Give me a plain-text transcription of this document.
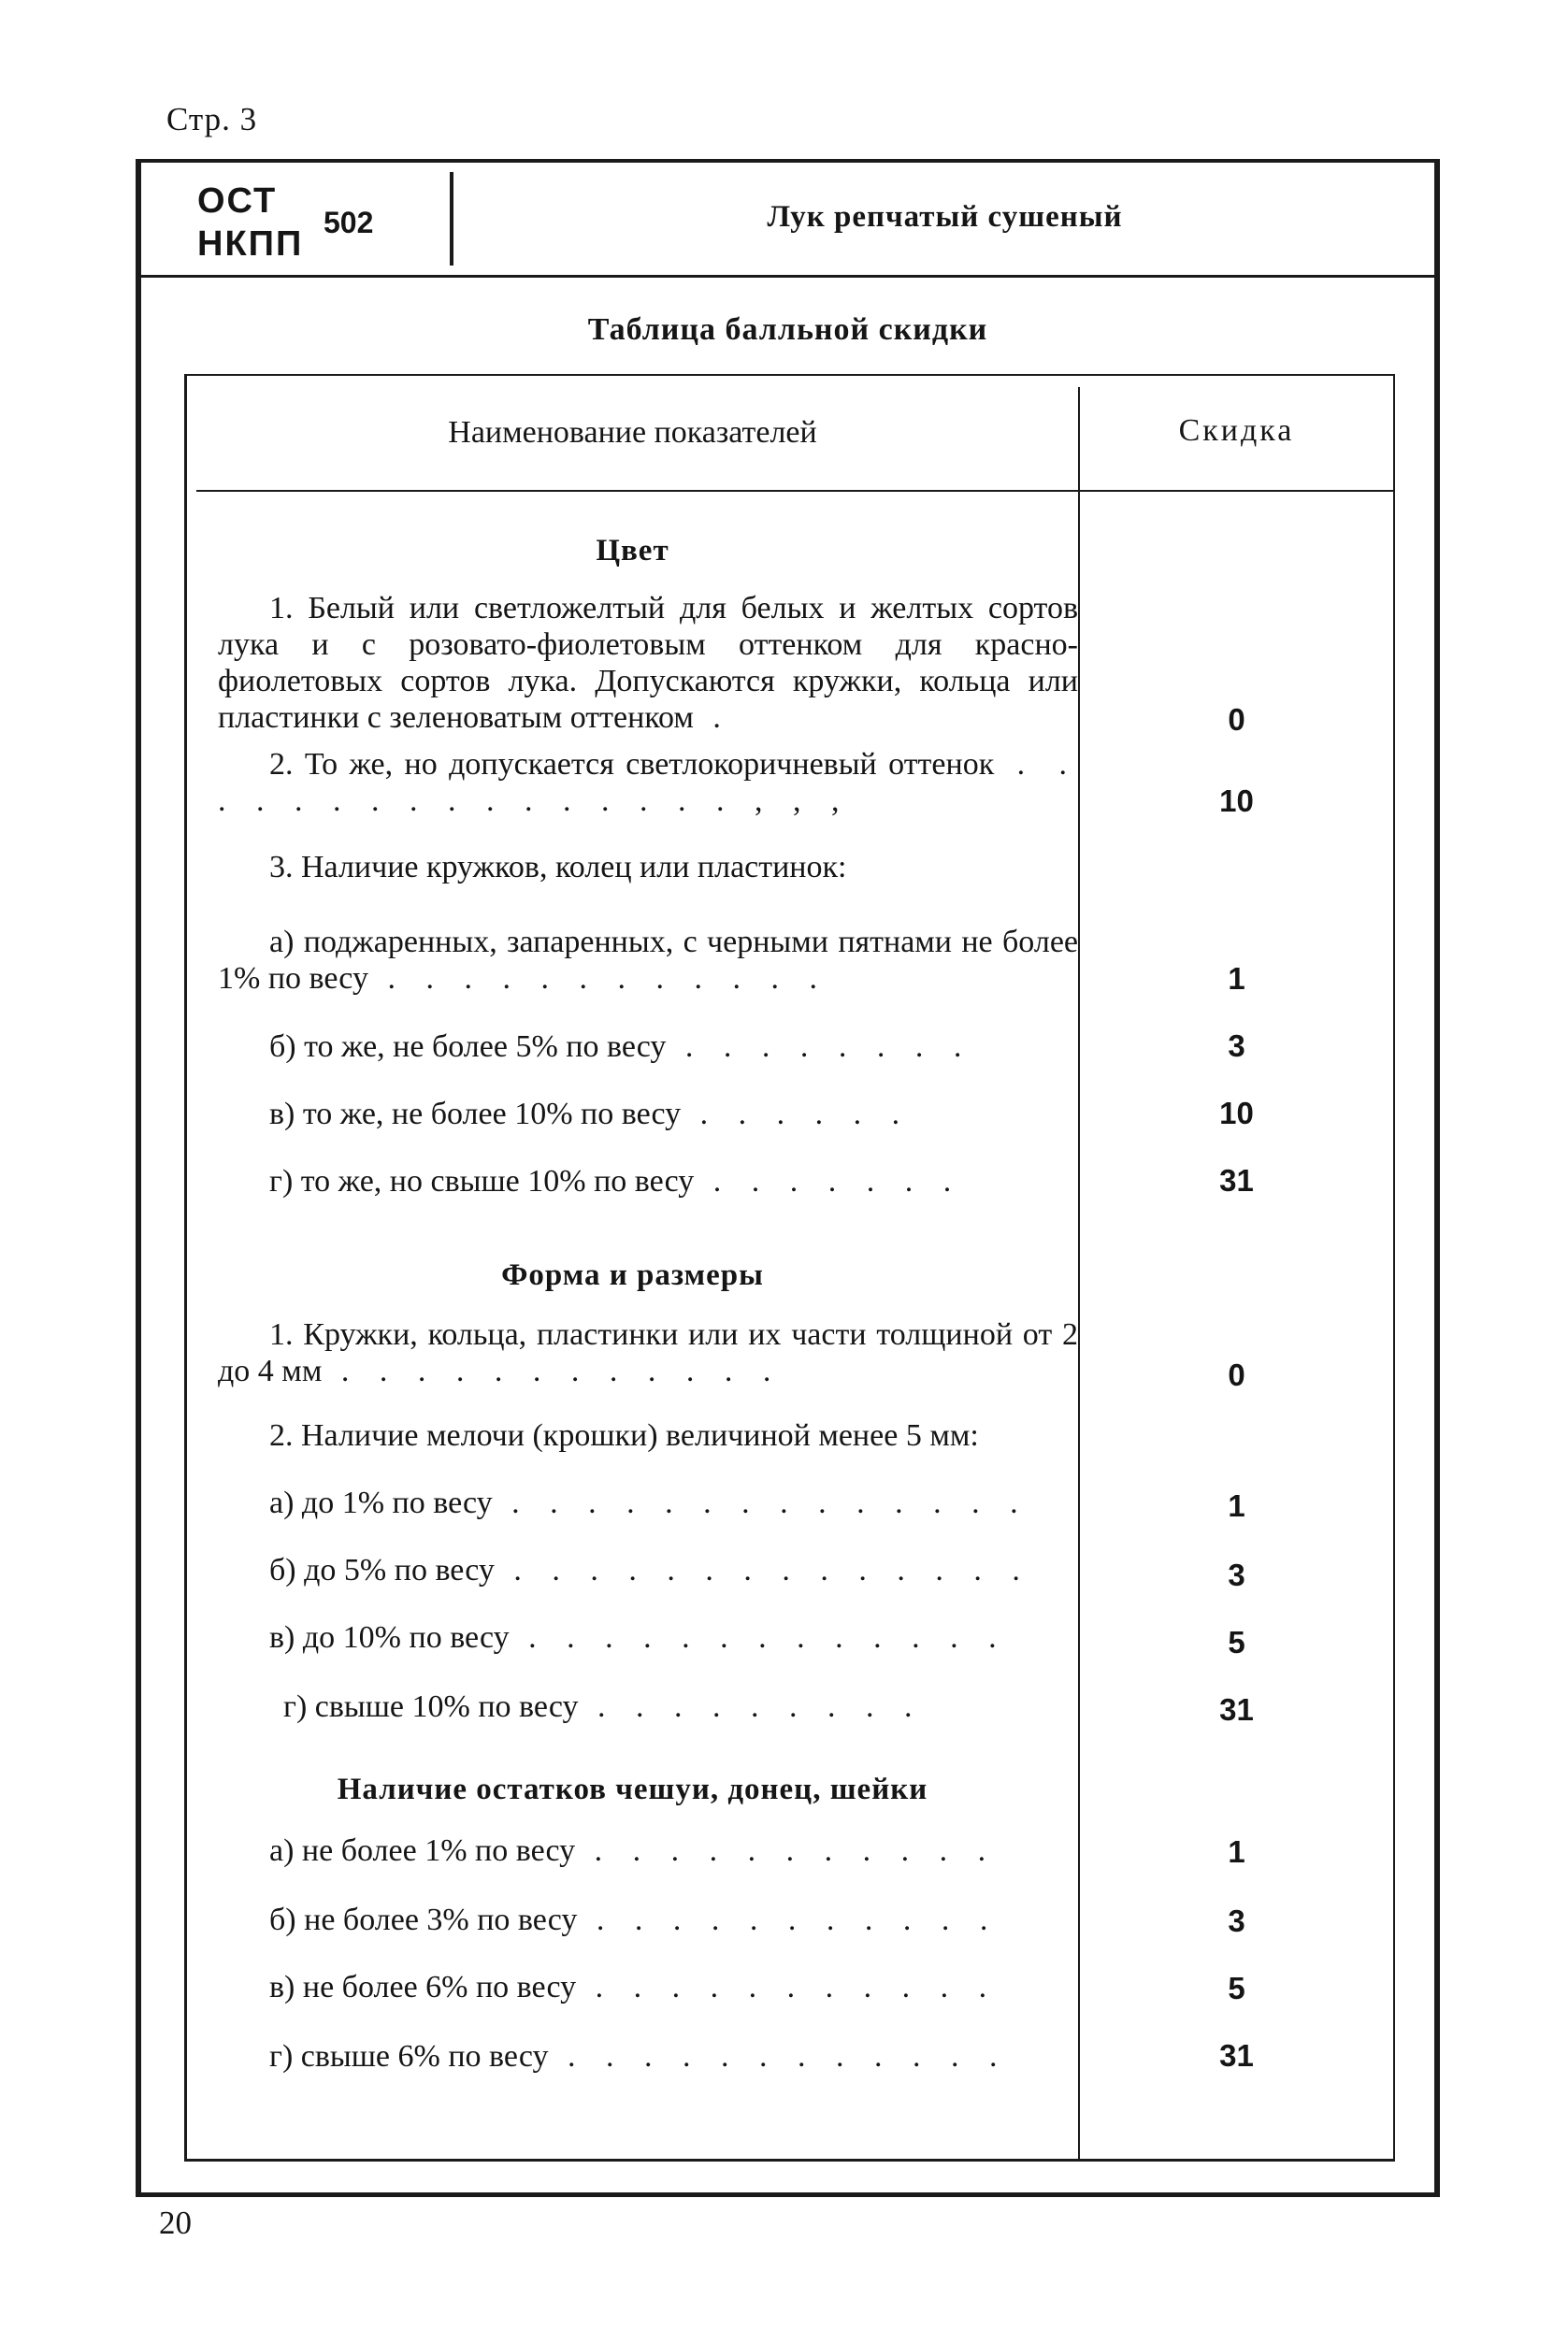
Стр. 3
ОСТ
НКПП
502	Лук репчатый сушеный
Таблица балльной скидки
Наименование показателей	Скидка
Цвет
1. Белый или светложелтый для белых и желтых сортов лука и с розовато-фиолетовым оттенком для красно-фиолетовых сортов лука. Допускаются кружки, кольца или пластинки с зеленоватым оттенком .	0
2. То же, но допускается светлокоричневый оттенок . . . . . . . . . . . . . . . . , , ,	10
3. Наличие кружков, колец или пластинок:
а) поджаренных, запаренных, с черными пятнами не более 1% по весу . . . . . . . . . . . .	1
б) то же, не более 5% по весу . . . . . . . .	3
в) то же, не более 10% по весу . . . . . .	10
г) то же, но свыше 10% по весу . . . . . . .	31
Форма и размеры
1. Кружки, кольца, пластинки или их части толщиной от 2 до 4 мм . . . . . . . . . . . .	0
2. Наличие мелочи (крошки) величиной менее 5 мм:
а) до 1% по весу . . . . . . . . . . . . . .	1
б) до 5% по весу . . . . . . . . . . . . . .	3
в) до 10% по весу . . . . . . . . . . . . .	5
г) свыше 10% по весу . . . . . . . . .	31
Наличие остатков чешуи, донец, шейки
а) не более 1% по весу . . . . . . . . . . .	1
б) не более 3% по весу . . . . . . . . . . .	3
в) не более 6% по весу . . . . . . . . . . .	5
г) свыше 6% по весу . . . . . . . . . . . .	31
20
